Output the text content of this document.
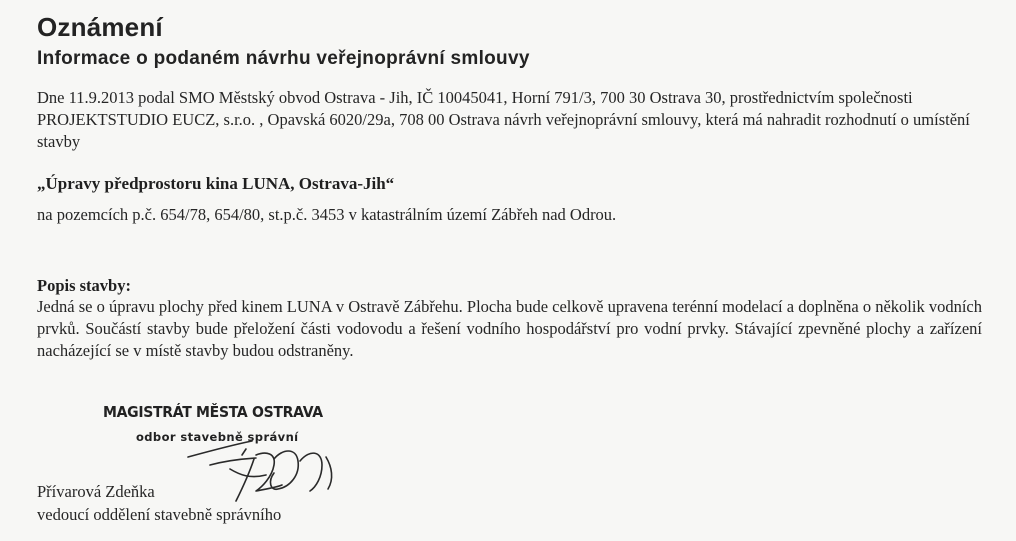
Oznámení
Informace o podaném návrhu veřejnoprávní smlouvy
Dne 11.9.2013 podal SMO Městský obvod Ostrava - Jih, IČ 10045041, Horní 791/3, 700 30 Ostrava 30, prostřednictvím společnosti PROJEKTSTUDIO EUCZ, s.r.o. , Opavská 6020/29a, 708 00 Ostrava návrh veřejnoprávní smlouvy, která má nahradit rozhodnutí o umístění stavby
„Úpravy předprostoru kina LUNA, Ostrava-Jih“
na pozemcích p.č. 654/78, 654/80, st.p.č. 3453 v katastrálním území Zábřeh nad Odrou.
Popis stavby:
Jedná se o úpravu plochy před kinem LUNA v Ostravě Zábřehu. Plocha bude celkově upravena terénní modelací a doplněna o několik vodních prvků. Součástí stavby bude přeložení části vodovodu a řešení vodního hospodářství pro vodní prvky. Stávající zpevněné plochy a zařízení nacházející se v místě stavby budou odstraněny.
MAGISTRÁT MĚSTA OSTRAVA
odbor stavebně správní
Přívarová Zdeňka
vedoucí oddělení stavebně správního
